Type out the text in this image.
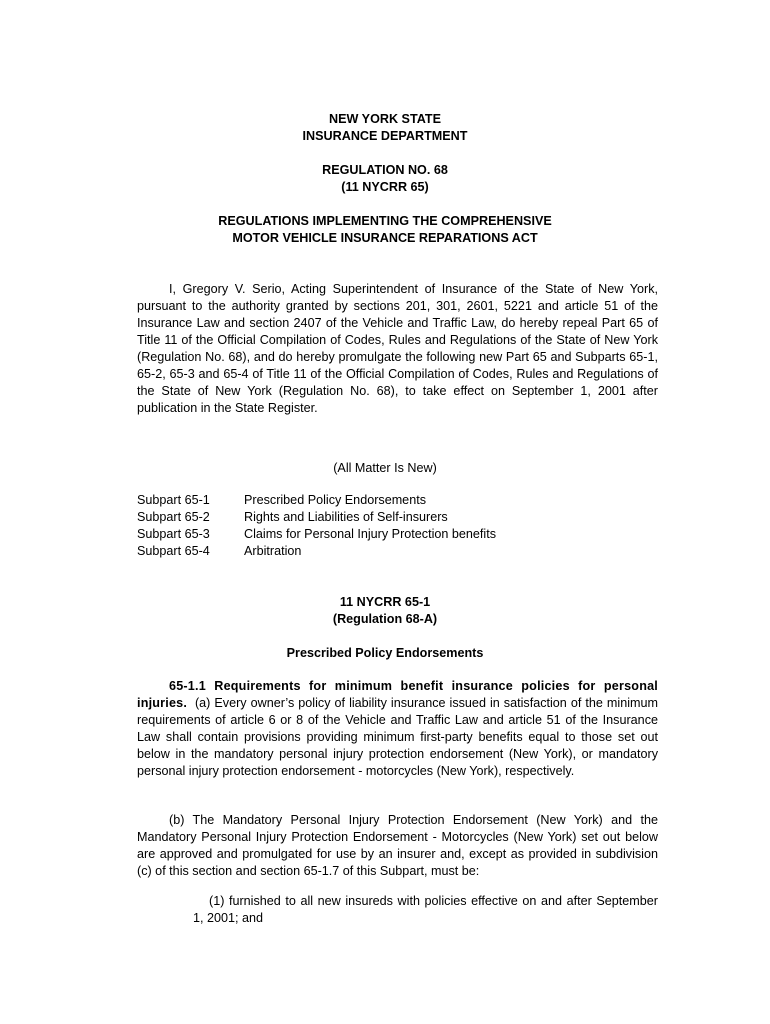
NEW YORK STATE

INSURANCE DEPARTMENT

REGULATION NO. 68

(11 NYCRR 65)

REGULATIONS IMPLEMENTING THE COMPREHENSIVE

MOTOR VEHICLE INSURANCE REPARATIONS ACT

I, Gregory V. Serio, Acting Superintendent of Insurance of the State of New York, pursuant to the authority granted by sections 201, 301, 2601, 5221 and article 51 of the Insurance Law and section 2407 of the Vehicle and Traffic Law, do hereby repeal Part 65 of Title 11 of the Official Compilation of Codes, Rules and Regulations of the State of New York (Regulation No. 68), and do hereby promulgate the following new Part 65 and Subparts 65-1, 65-2, 65-3 and 65-4 of Title 11 of the Official Compilation of Codes, Rules and Regulations of the State of New York (Regulation No. 68), to take effect on September 1, 2001 after publication in the State Register.

(All Matter Is New)

Subpart 65-1	Prescribed Policy Endorsements
Subpart 65-2	Rights and Liabilities of Self-insurers
Subpart 65-3	Claims for Personal Injury Protection benefits
Subpart 65-4	Arbitration

11 NYCRR 65-1

(Regulation 68-A)

Prescribed Policy Endorsements

65-1.1 Requirements for minimum benefit insurance policies for personal injuries. (a) Every owner’s policy of liability insurance issued in satisfaction of the minimum requirements of article 6 or 8 of the Vehicle and Traffic Law and article 51 of the Insurance Law shall contain provisions providing minimum first-party benefits equal to those set out below in the mandatory personal injury protection endorsement (New York), or mandatory personal injury protection endorsement - motorcycles (New York), respectively.

(b) The Mandatory Personal Injury Protection Endorsement (New York) and the Mandatory Personal Injury Protection Endorsement - Motorcycles (New York) set out below are approved and promulgated for use by an insurer and, except as provided in subdivision (c) of this section and section 65-1.7 of this Subpart, must be:

(1) furnished to all new insureds with policies effective on and after September 1, 2001; and
